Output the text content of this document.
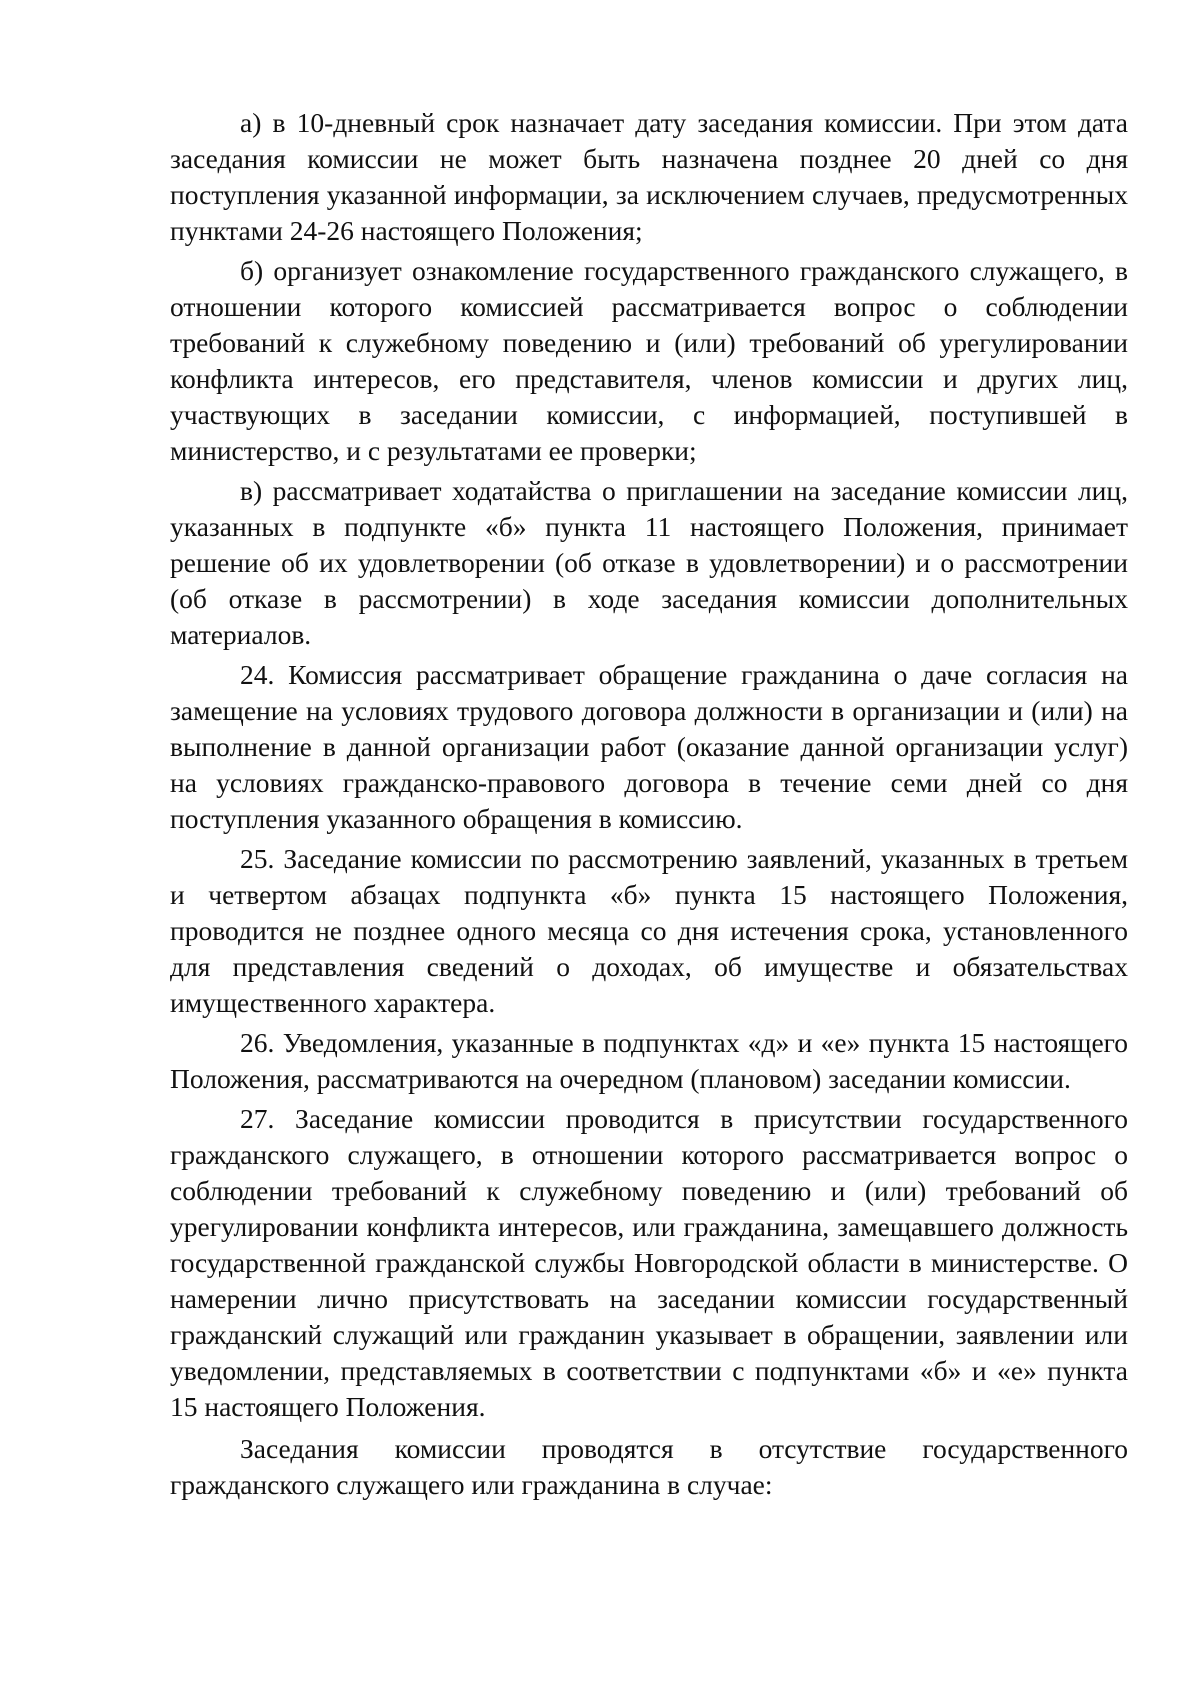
а) в 10-дневный срок назначает дату заседания комиссии. При этом дата заседания комиссии не может быть назначена позднее 20 дней со дня поступления указанной информации, за исключением случаев, предусмотренных пунктами 24-26 настоящего Положения;

б) организует ознакомление государственного гражданского служащего, в отношении которого комиссией рассматривается вопрос о соблюдении требований к служебному поведению и (или) требований об урегулировании конфликта интересов, его представителя, членов комиссии и других лиц, участвующих в заседании комиссии, с информацией, поступившей в министерство, и с результатами ее проверки;

в) рассматривает ходатайства о приглашении на заседание комиссии лиц, указанных в подпункте «б» пункта 11 настоящего Положения, принимает решение об их удовлетворении (об отказе в удовлетворении) и о рассмотрении (об отказе в рассмотрении) в ходе заседания комиссии дополнительных материалов.

24. Комиссия рассматривает обращение гражданина о даче согласия на замещение на условиях трудового договора должности в организации и (или) на выполнение в данной организации работ (оказание данной организации услуг) на условиях гражданско-правового договора в течение семи дней со дня поступления указанного обращения в комиссию.

25. Заседание комиссии по рассмотрению заявлений, указанных в третьем и четвертом абзацах подпункта «б» пункта 15 настоящего Положения, проводится не позднее одного месяца со дня истечения срока, установленного для представления сведений о доходах, об имуществе и обязательствах имущественного характера.

26. Уведомления, указанные в подпунктах «д» и «е» пункта 15 настоящего Положения, рассматриваются на очередном (плановом) заседании комиссии.

27. Заседание комиссии проводится в присутствии государственного гражданского служащего, в отношении которого рассматривается вопрос о соблюдении требований к служебному поведению и (или) требований об урегулировании конфликта интересов, или гражданина, замещавшего должность государственной гражданской службы Новгородской области в министерстве. О намерении лично присутствовать на заседании комиссии государственный гражданский служащий или гражданин указывает в обращении, заявлении или уведомлении, представляемых в соответствии с подпунктами «б» и «е» пункта 15 настоящего Положения.

Заседания комиссии проводятся в отсутствие государственного гражданского служащего или гражданина в случае:
